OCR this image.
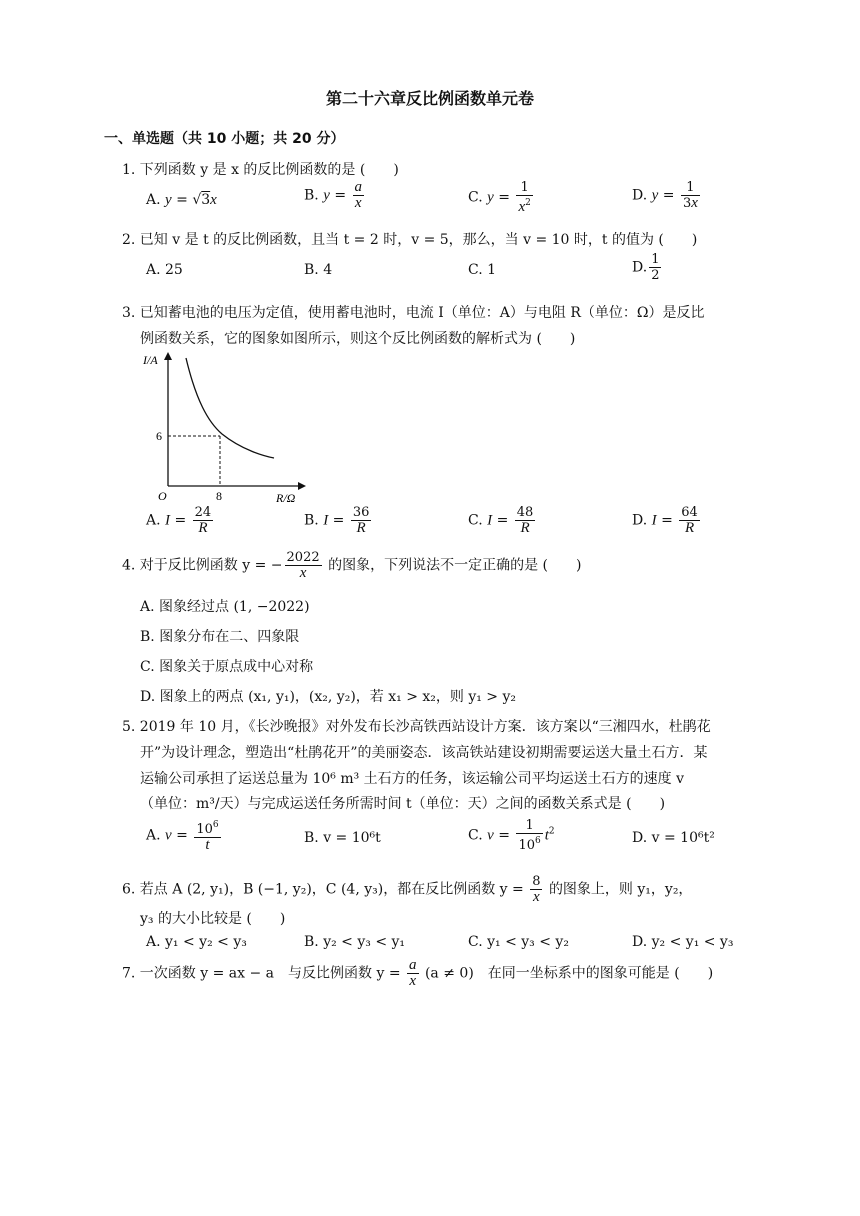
第二十六章反比例函数单元卷
一、单选题（共 10 小题；共 20 分）
1. 下列函数 y 是 x 的反比例函数的是 (　　)
A. y = √3x	B. $y = \frac{a}{x}$	C. $y = \frac{1}{x^2}$	D. $y = \frac{1}{3x}$
2. 已知 v 是 t 的反比例函数，且当 t = 2 时，v = 5，那么，当 v = 10 时，t 的值为 (　　)
A. 25	B. 4	C. 1	D. $\frac{1}{2}$
3. 已知蓄电池的电压为定值，使用蓄电池时，电流 I（单位：A）与电阻 R（单位：Ω）是反比
例函数关系，它的图象如图所示，则这个反比例函数的解析式为 (　　)
I/A
R/Ω
O	8
6
A. $I = \frac{24}{R}$	B. $I = \frac{36}{R}$	C. $I = \frac{48}{R}$	D. $I = \frac{64}{R}$
4. 对于反比例函数 y = − $\frac{2022}{x}$ 的图象，下列说法不一定正确的是 (　　)
A. 图象经过点 (1, −2022)
B. 图象分布在二、四象限
C. 图象关于原点成中心对称
D. 图象上的两点 (x₁, y₁)，(x₂, y₂)，若 x₁ > x₂，则 y₁ > y₂
5. 2019 年 10 月，《长沙晚报》对外发布长沙高铁西站设计方案．该方案以“三湘四水，杜鹃花
开”为设计理念，塑造出“杜鹃花开”的美丽姿态．该高铁站建设初期需要运送大量土石方．某
运输公司承担了运送总量为 10⁶ m³ 土石方的任务，该运输公司平均运送土石方的速度 v
（单位：m³/天）与完成运送任务所需时间 t（单位：天）之间的函数关系式是 (　　)
A. $v = \frac{10^6}{t}$	B. v = 10⁶t	C. $v = \frac{1}{10^6} t^2$	D. v = 10⁶t²
6. 若点 A (2, y₁)，B (−1, y₂)，C (4, y₃)，都在反比例函数 $y = \frac{8}{x}$ 的图象上，则 y₁，y₂，
y₃ 的大小比较是 (　　)
A. y₁ < y₂ < y₃	B. y₂ < y₃ < y₁	C. y₁ < y₃ < y₂	D. y₂ < y₁ < y₃
7. 一次函数 y = ax − a　与反比例函数 $y = \frac{a}{x} (a \ne 0)$　在同一坐标系中的图象可能是 (　　)
